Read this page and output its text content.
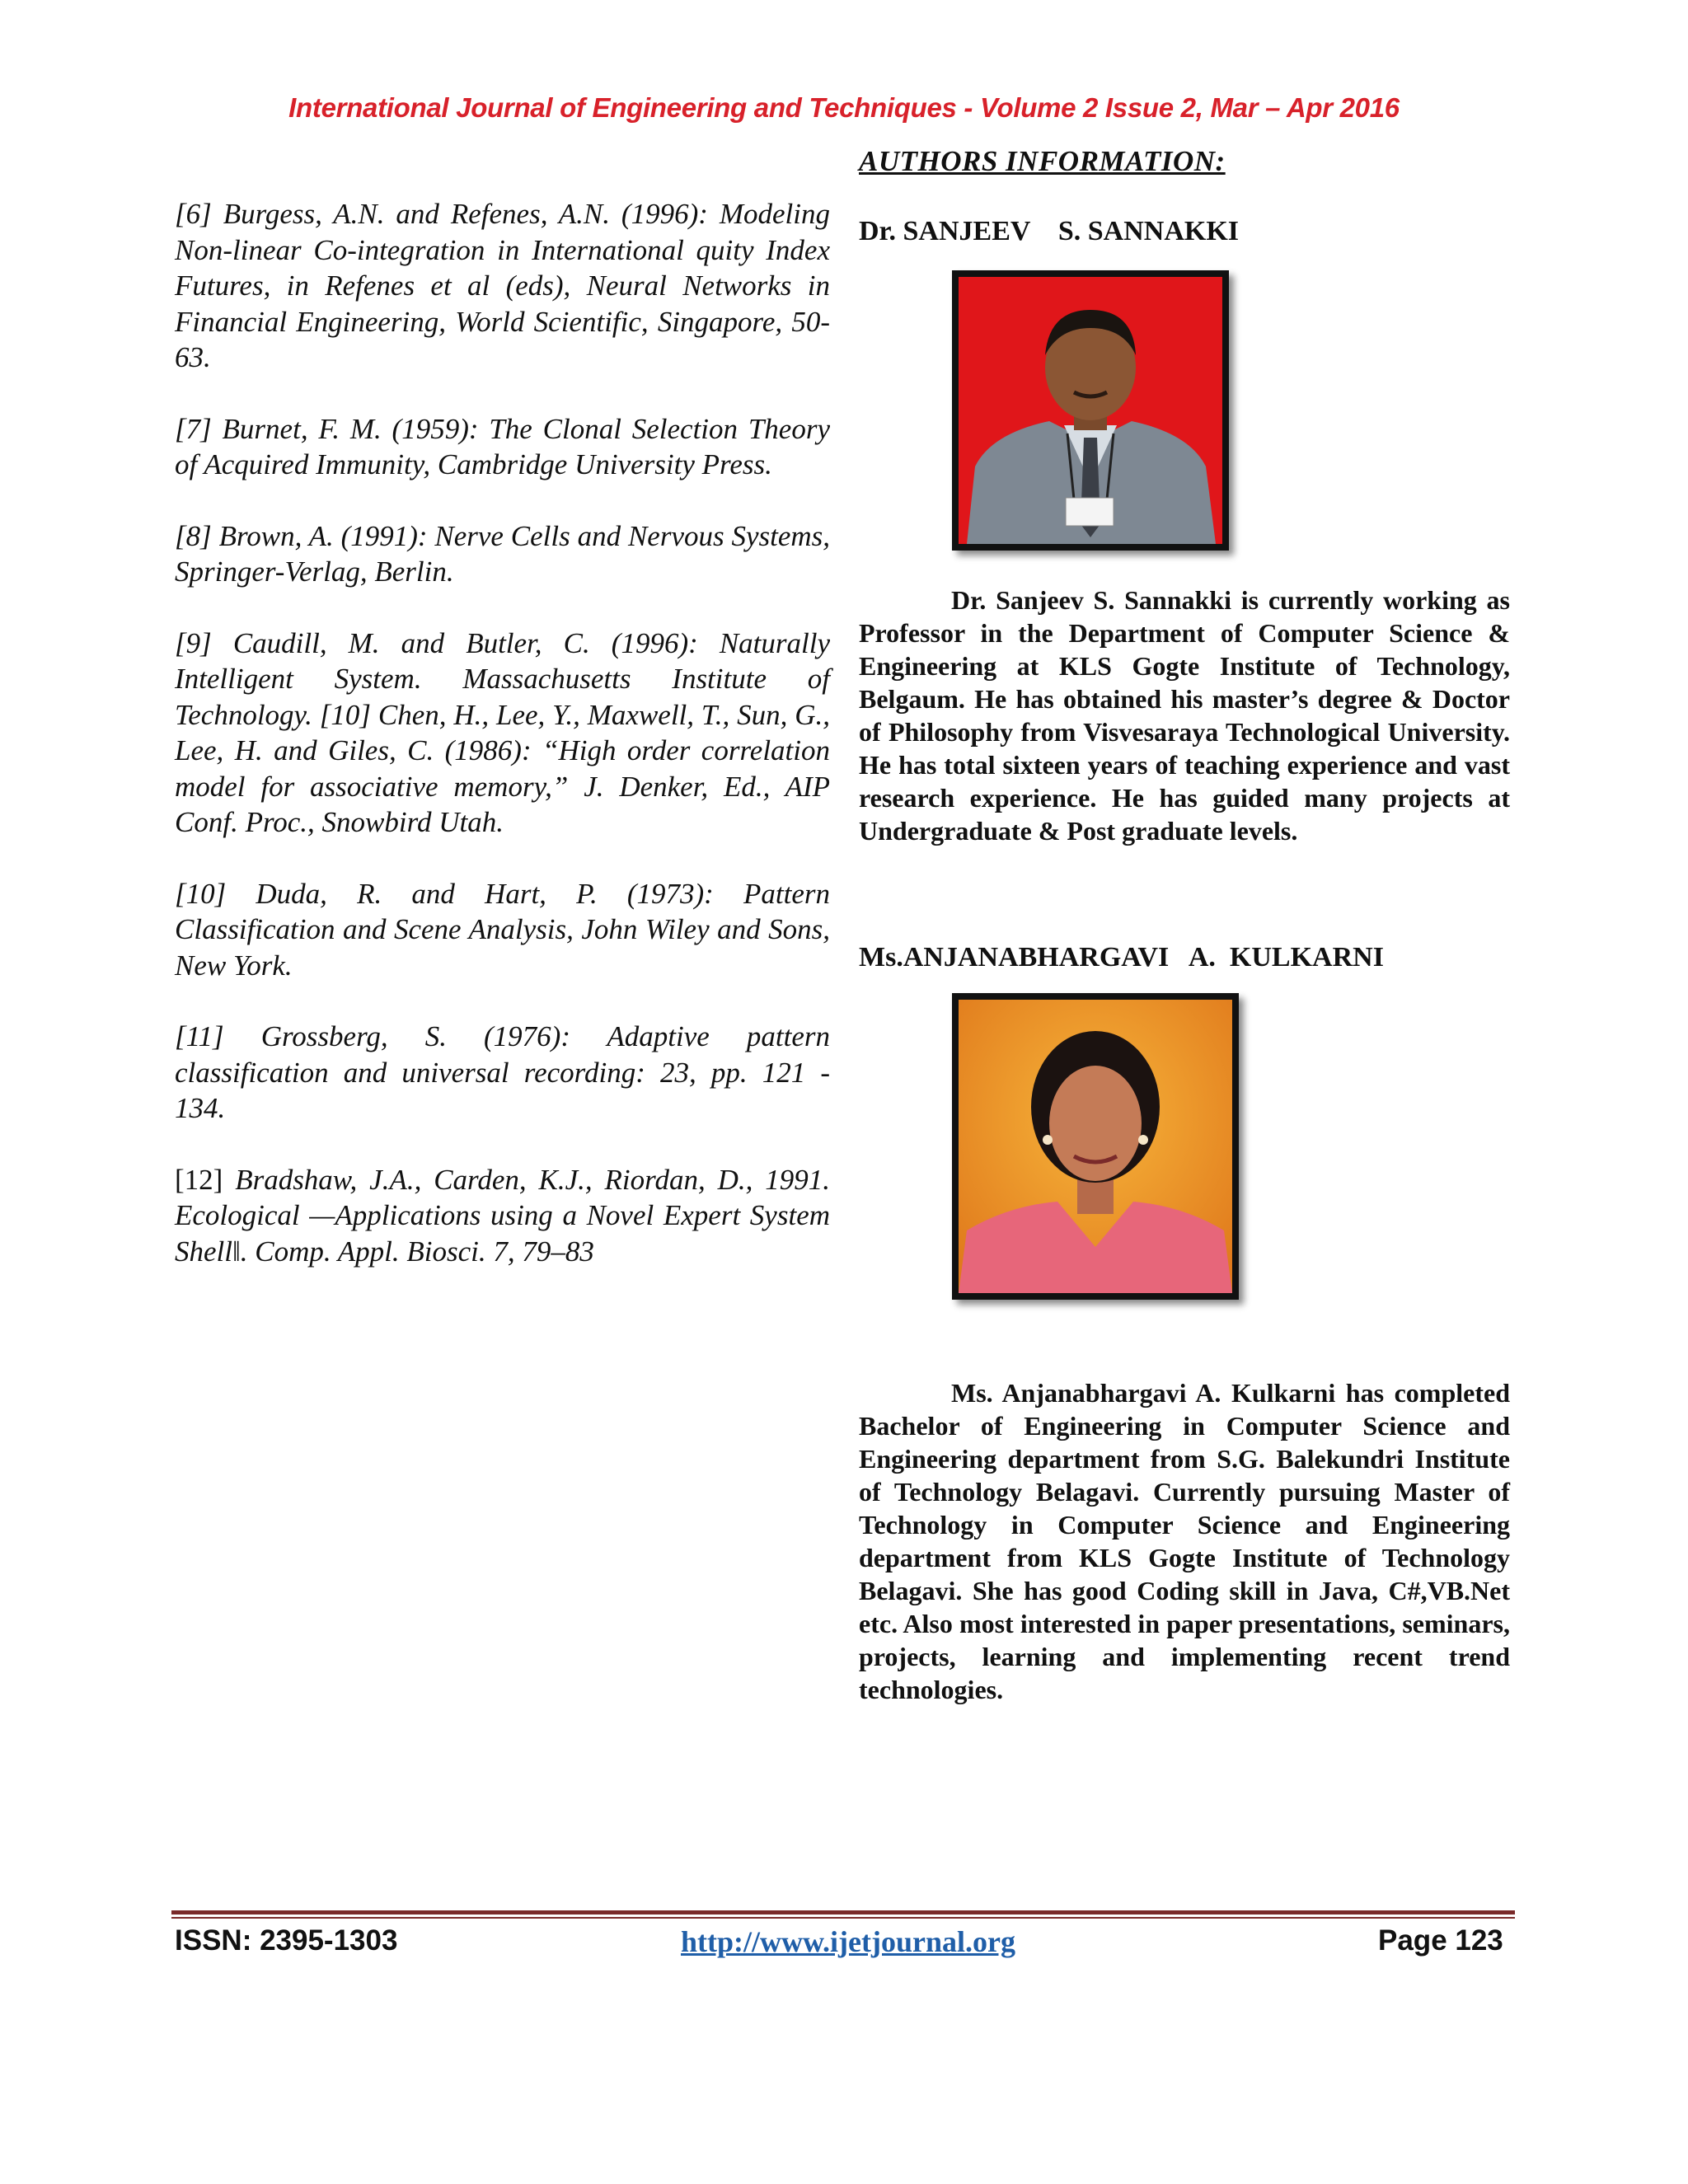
International Journal of Engineering and Techniques - Volume 2 Issue 2, Mar – Apr 2016

[6] Burgess, A.N. and Refenes, A.N. (1996): Modeling Non-linear Co-integration in International quity Index Futures, in Refenes et al (eds), Neural Networks in Financial Engineering, World Scientific, Singapore, 50-63.

[7] Burnet, F. M. (1959): The Clonal Selection Theory of Acquired Immunity, Cambridge University Press.

[8] Brown, A. (1991): Nerve Cells and Nervous Systems, Springer-Verlag, Berlin.

[9] Caudill, M. and Butler, C. (1996): Naturally Intelligent System. Massachusetts Institute of Technology. [10] Chen, H., Lee, Y., Maxwell, T., Sun, G., Lee, H. and Giles, C. (1986): “High order correlation model for associative memory,” J. Denker, Ed., AIP Conf. Proc., Snowbird Utah.

[10] Duda, R. and Hart, P. (1973): Pattern Classification and Scene Analysis, John Wiley and Sons, New York.

[11] Grossberg, S. (1976): Adaptive pattern classification and universal recording: 23, pp. 121 - 134.

[12] Bradshaw, J.A., Carden, K.J., Riordan, D., 1991. Ecological —Applications using a Novel Expert System Shell‖. Comp. Appl. Biosci. 7, 79–83

AUTHORS INFORMATION:
Dr. SANJEEV    S. SANNAKKI
Dr. Sanjeev S. Sannakki is currently working as Professor in the Department of Computer Science & Engineering at KLS Gogte Institute of Technology, Belgaum. He has obtained his master’s degree & Doctor of Philosophy from Visvesaraya Technological University. He has total sixteen years of teaching experience and vast research experience. He has guided many projects at Undergraduate & Post graduate levels.
Ms.ANJANABHARGAVI   A.  KULKARNI
Ms. Anjanabhargavi A. Kulkarni has completed Bachelor of Engineering in Computer Science and Engineering department from S.G. Balekundri Institute of Technology Belagavi. Currently pursuing Master of Technology in Computer Science and Engineering department from KLS Gogte Institute of Technology Belagavi. She has good Coding skill in Java, C#,VB.Net etc. Also most interested in paper presentations, seminars, projects, learning and implementing recent trend technologies.
ISSN: 2395-1303	http://www.ijetjournal.org	Page 123
